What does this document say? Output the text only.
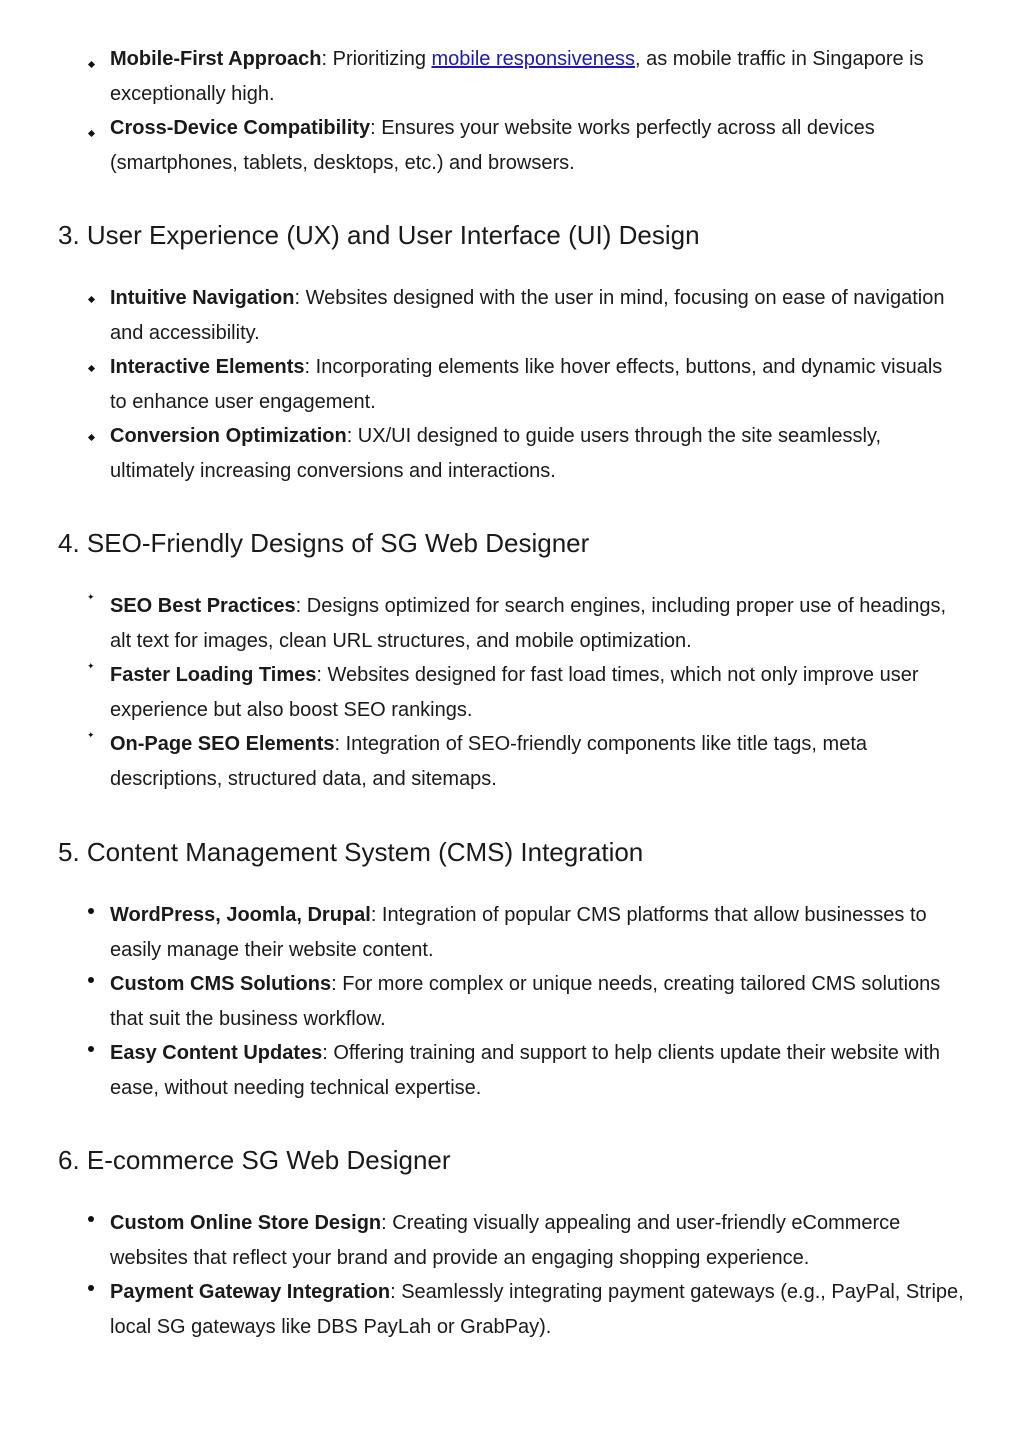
Mobile-First Approach: Prioritizing mobile responsiveness, as mobile traffic in Singapore is exceptionally high.
Cross-Device Compatibility: Ensures your website works perfectly across all devices (smartphones, tablets, desktops, etc.) and browsers.
3. User Experience (UX) and User Interface (UI) Design
Intuitive Navigation: Websites designed with the user in mind, focusing on ease of navigation and accessibility.
Interactive Elements: Incorporating elements like hover effects, buttons, and dynamic visuals to enhance user engagement.
Conversion Optimization: UX/UI designed to guide users through the site seamlessly, ultimately increasing conversions and interactions.
4. SEO-Friendly Designs of SG Web Designer
✦
SEO Best Practices: Designs optimized for search engines, including proper use of headings, alt text for images, clean URL structures, and mobile optimization.
✦
Faster Loading Times: Websites designed for fast load times, which not only improve user experience but also boost SEO rankings.
✦
On-Page SEO Elements: Integration of SEO-friendly components like title tags, meta descriptions, structured data, and sitemaps.
5. Content Management System (CMS) Integration
WordPress, Joomla, Drupal: Integration of popular CMS platforms that allow businesses to easily manage their website content.
Custom CMS Solutions: For more complex or unique needs, creating tailored CMS solutions that suit the business workflow.
Easy Content Updates: Offering training and support to help clients update their website with ease, without needing technical expertise.
6. E-commerce SG Web Designer
Custom Online Store Design: Creating visually appealing and user-friendly eCommerce websites that reflect your brand and provide an engaging shopping experience.
Payment Gateway Integration: Seamlessly integrating payment gateways (e.g., PayPal, Stripe, local SG gateways like DBS PayLah or GrabPay).
